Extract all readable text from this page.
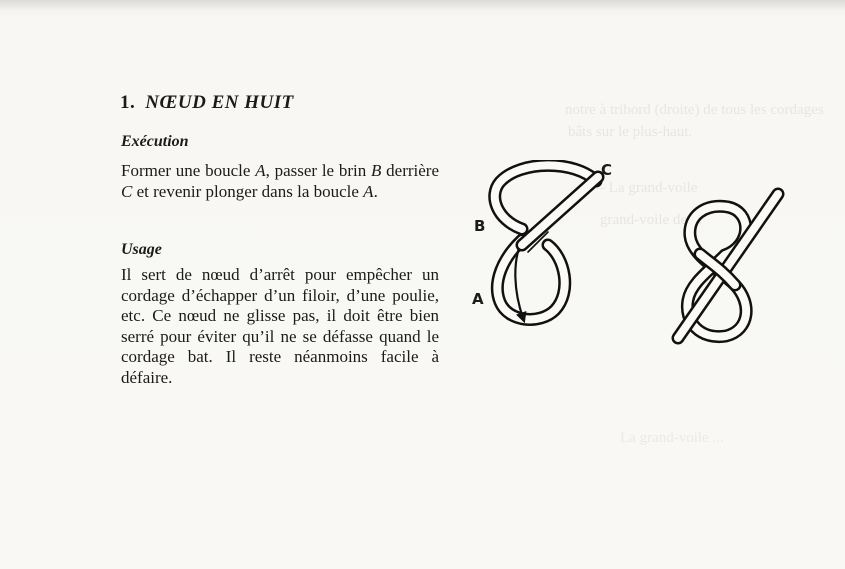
notre à tribord (droite) de tous les cordages
bâts sur le plus-haut.
— La grand-voile
grand-voile de ...
La grand-voile ...
1. NŒUD EN HUIT
Exécution

Former une boucle A, passer le brin B derrière C et revenir plonger dans la boucle A.

Usage

Il sert de nœud d’arrêt pour empêcher un cordage d’échapper d’un filoir, d’une poulie, etc. Ce nœud ne glisse pas, il doit être bien serré pour éviter qu’il ne se défasse quand le cordage bat. Il reste néanmoins facile à défaire.

C
B
A
